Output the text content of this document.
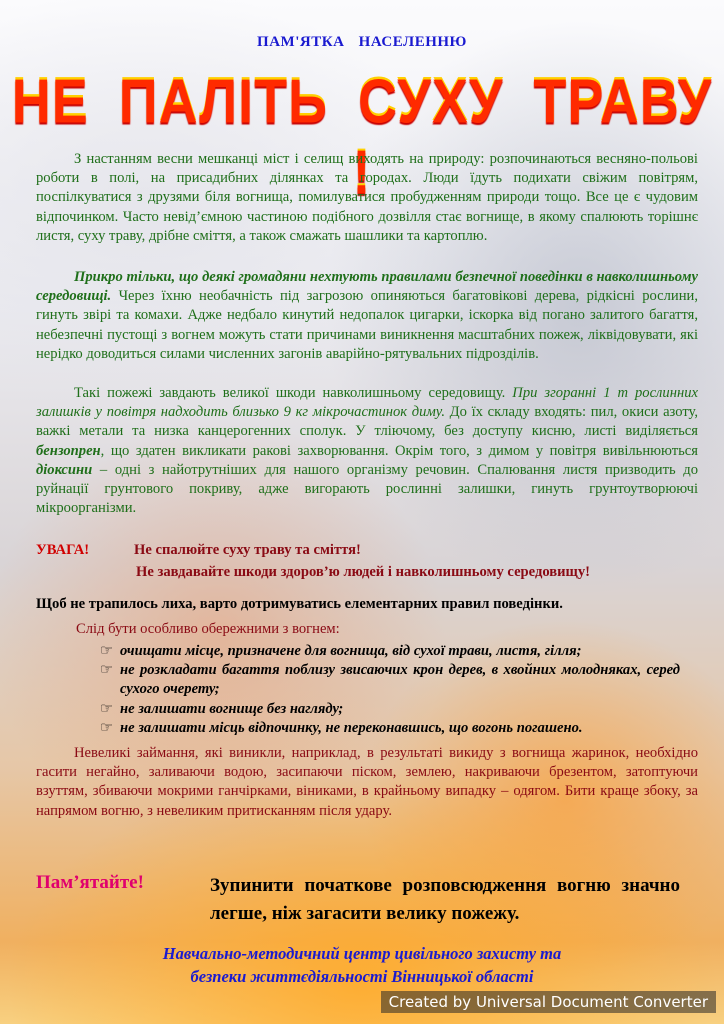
ПАМ'ЯТКА НАСЕЛЕННЮ
НЕ ПАЛІТЬ СУХУ ТРАВУ !

З настанням весни мешканці міст і селищ виходять на природу: розпочинаються весняно-польові роботи в полі, на присадибних ділянках та городах. Люди їдуть подихати свіжим повітрям, поспілкуватися з друзями біля вогнища, помилуватися пробудженням природи тощо. Все це є чудовим відпочинком. Часто невід’ємною частиною подібного дозвілля стає вогнище, в якому спалюють торішнє листя, суху траву, дрібне сміття, а також смажать шашлики та картоплю.

Прикро тільки, що деякі громадяни нехтують правилами безпечної поведінки в навколишньому середовищі. Через їхню необачність під загрозою опиняються багатовікові дерева, рідкісні рослини, гинуть звірі та комахи. Адже недбало кинутий недопалок цигарки, іскорка від погано залитого багаття, небезпечні пустощі з вогнем можуть стати причинами виникнення масштабних пожеж, ліквідовувати, які нерідко доводиться силами численних загонів аварійно-рятувальних підрозділів.

Такі пожежі завдають великої шкоди навколишньому середовищу. При згоранні 1 т рослинних залишків у повітря надходить близько 9 кг мікрочастинок диму. До їх складу входять: пил, окиси азоту, важкі метали та низка канцерогенних сполук. У тліючому, без доступу кисню, листі виділяється бензопрен, що здатен викликати ракові захворювання. Окрім того, з димом у повітря вивільнюються діоксини – одні з найотрутніших для нашого організму речовин. Спалювання листя призводить до руйнації грунтового покриву, адже вигорають рослинні залишки, гинуть грунтоутворюючі мікроорганізми.

УВАГА!	Не спалюйте суху траву та сміття!
Не завдавайте шкоди здоров’ю людей і навколишньому середовищу!
Щоб не трапилось лиха, варто дотримуватись елементарних правил поведінки.
Слід бути особливо обережними з вогнем:
☞ очищати місце, призначене для вогнища, від сухої трави, листя, гілля;
☞ не розкладати багаття поблизу звисаючих крон дерев, в хвойних молодняках, серед сухого очерету;
☞ не залишати вогнище без нагляду;
☞ не залишати місць відпочинку, не переконавшись, що вогонь погашено.

Невеликі займання, які виникли, наприклад, в результаті викиду з вогнища жаринок, необхідно гасити негайно, заливаючи водою, засипаючи піском, землею, накриваючи брезентом, затоптуючи взуттям, збиваючи мокрими ганчірками, віниками, в крайньому випадку – одягом. Бити краще збоку, за напрямом вогню, з невеликим притисканням після удару.

Пам’ятайте!	Зупинити початкове розповсюдження вогню значно легше, ніж загасити велику пожежу.
Навчально-методичний центр цивільного захисту та
безпеки життєдіяльності Вінницької області
Created by Universal Document Converter
